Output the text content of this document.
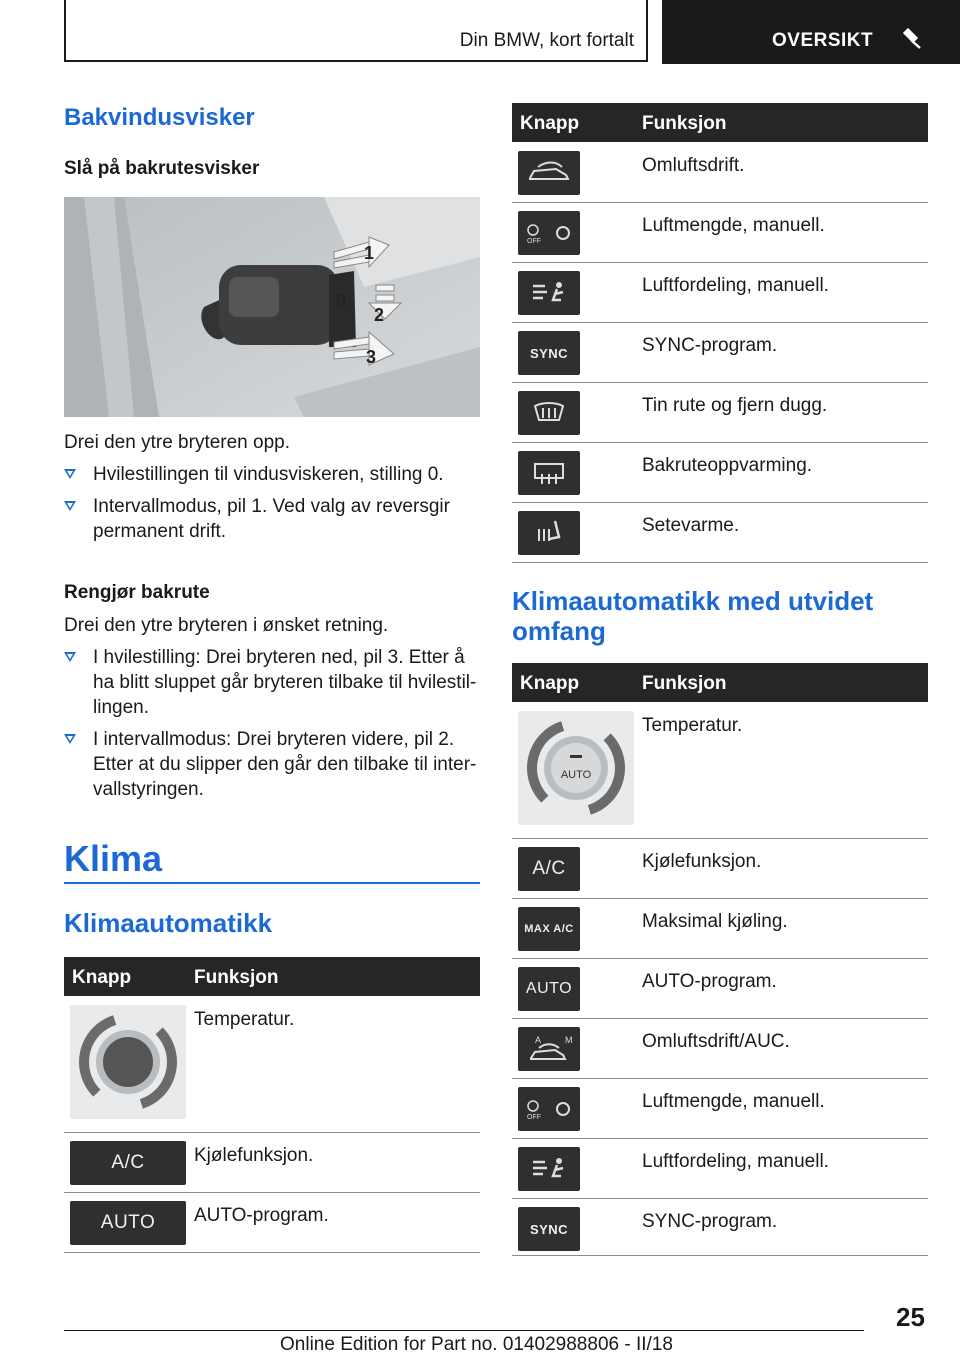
Din BMW, kort fortalt	OVERSIKT
Bakvindusvisker
Slå på bakrutesvisker
1
0
2
3
Drei den ytre bryteren opp.
Hvilestillingen til vindusviskeren, stilling 0.
Intervallmodus, pil 1. Ved valg av reversgir permanent drift.
Rengjør bakrute
Drei den ytre bryteren i ønsket retning.
I hvilestilling: Drei bryteren ned, pil 3. Etter å ha blitt sluppet går bryteren tilbake til hvilestil‐lingen.
I intervallmodus: Drei bryteren videre, pil 2. Etter at du slipper den går den tilbake til inter‐vallstyringen.
Klima
Klimaautomatikk
Knapp	Funksjon
Temperatur.
A/C	Kjølefunksjon.
AUTO AUTO-program.
Knapp	Funksjon
Omluftsdrift.
OFF
Luftmengde, manuell.
Luftfordeling, manuell.
SYNC	SYNC-program.
Tin rute og fjern dugg.
Bakruteoppvarming.
Setevarme.
Klimaautomatikk med utvidet omfang
Knapp	Funksjon
AUTO
Temperatur.
A/C	Kjølefunksjon.
MAX A/C	Maksimal kjøling.
AUTO	AUTO-program.
A	M	Omluftsdrift/AUC.
OFF
Luftmengde, manuell.
Luftfordeling, manuell.
SYNC	SYNC-program.
25
Online Edition for Part no. 01402988806 - II/18
